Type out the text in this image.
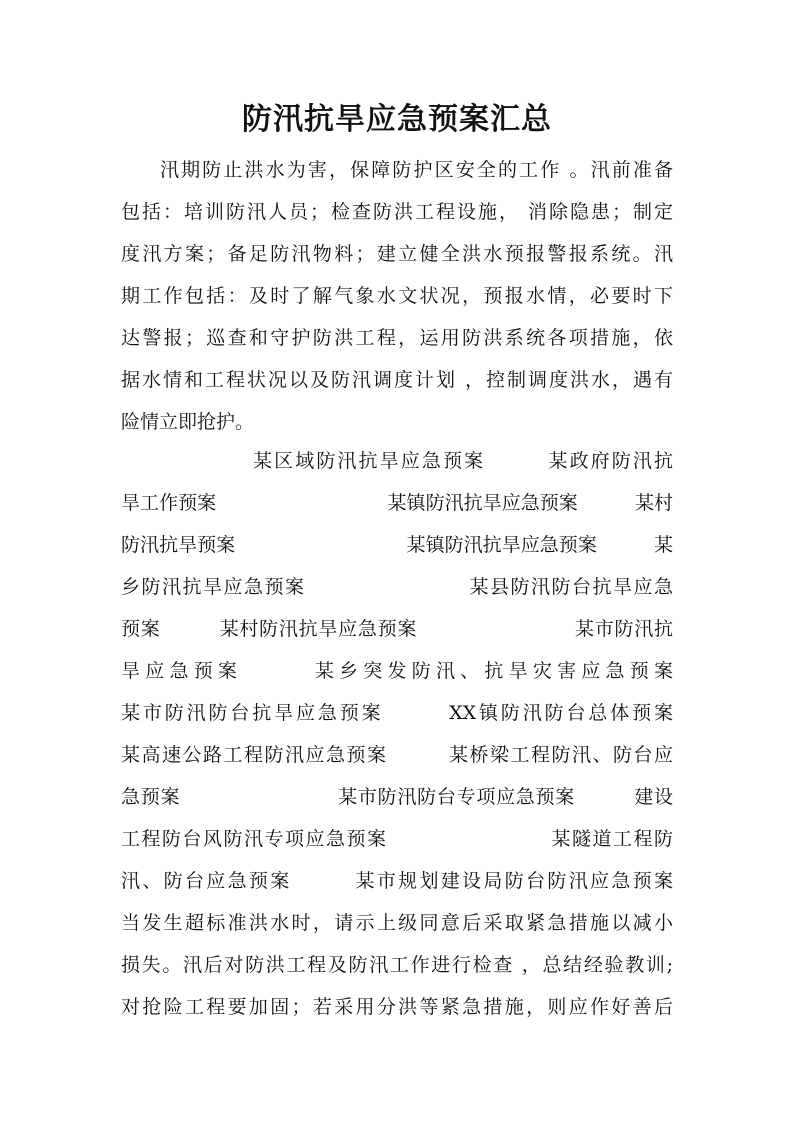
防汛抗旱应急预案汇总
汛期防止洪水为害，保障防护区安全的工作 。汛前准备
包括：培训防汛人员；检查防洪工程设施， 消除隐患；制定
度汛方案；备足防汛物料；建立健全洪水预报警报系统。汛
期工作包括：及时了解气象水文状况，预报水情，必要时下
达警报；巡查和守护防洪工程，运用防洪系统各项措施，依
据水情和工程状况以及防汛调度计划 ，控制调度洪水，遇有
险情立即抢护。
某区域防汛抗旱应急预案　　　某政府防汛抗
旱工作预案　　　　　　　　　某镇防汛抗旱应急预案　　　某村
防汛抗旱预案　　　　　　　　　某镇防汛抗旱应急预案　　　某
乡防汛抗旱应急预案　　　　　　　　某县防汛防台抗旱应急
预案　　　某村防汛抗旱应急预案　　　　　　　　某市防汛抗
旱应急预案　　　某乡突发防汛、抗旱灾害应急预案
某市防汛防台抗旱应急预案　　　XX镇防汛防台总体预案
某高速公路工程防汛应急预案　　　某桥梁工程防汛、防台应
急预案　　　　　　　　某市防汛防台专项应急预案　　　建设
工程防台风防汛专项应急预案　　　　　　　　某隧道工程防
汛、防台应急预案　　　某市规划建设局防台防汛应急预案
当发生超标准洪水时，请示上级同意后采取紧急措施以减小
损失。汛后对防洪工程及防汛工作进行检查 ，总结经验教训;
对抢险工程要加固；若采用分洪等紧急措施，则应作好善后
